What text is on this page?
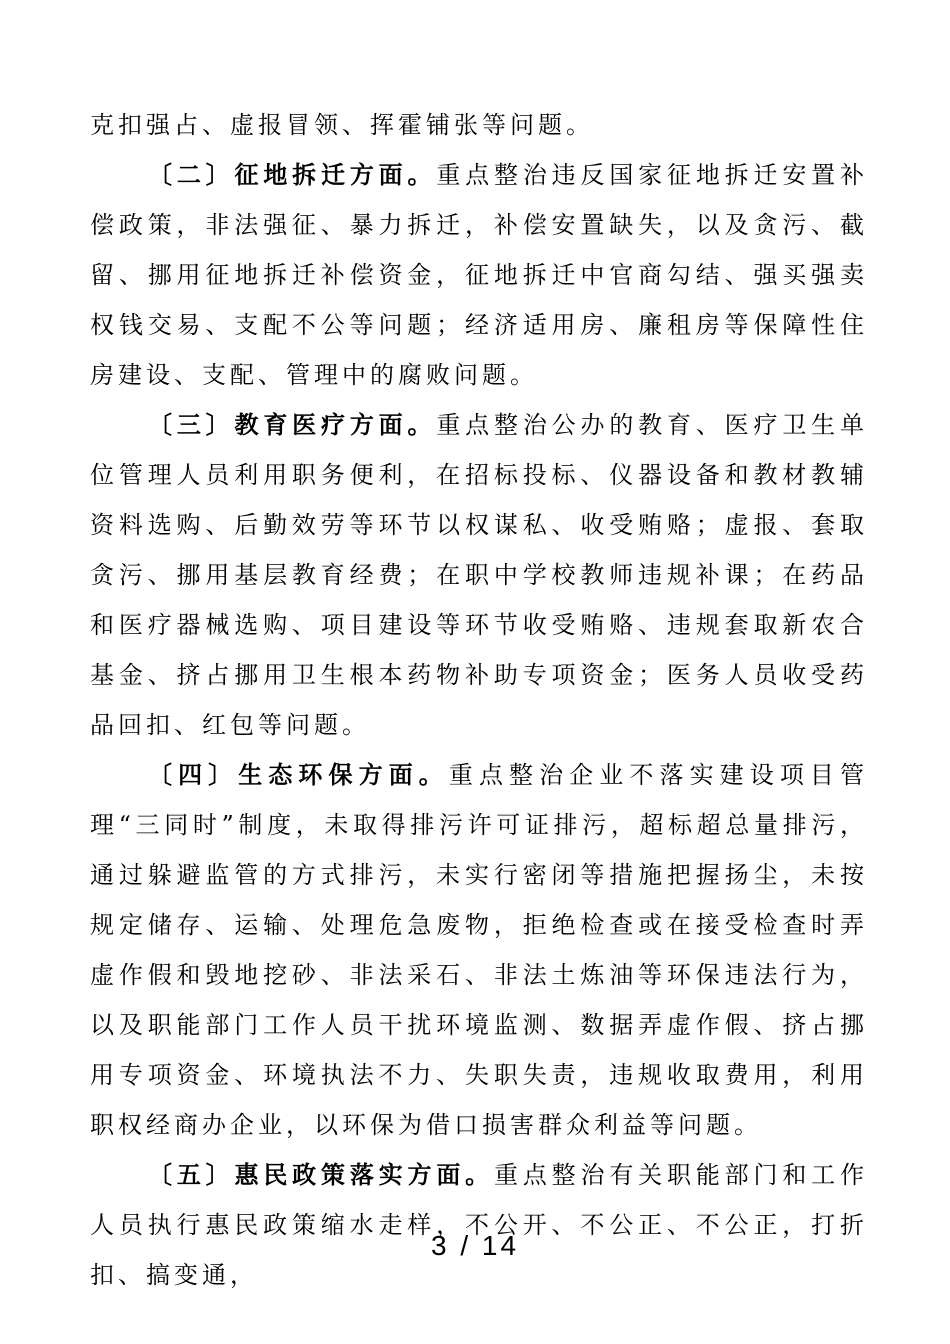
克扣强占、虚报冒领、挥霍铺张等问题。

〔二〕征地拆迁方面。重点整治违反国家征地拆迁安置补偿政策，非法强征、暴力拆迁，补偿安置缺失，以及贪污、截留、挪用征地拆迁补偿资金，征地拆迁中官商勾结、强买强卖权钱交易、支配不公等问题；经济适用房、廉租房等保障性住房建设、支配、管理中的腐败问题。

〔三〕教育医疗方面。重点整治公办的教育、医疗卫生单位管理人员利用职务便利，在招标投标、仪器设备和教材教辅资料选购、后勤效劳等环节以权谋私、收受贿赂；虚报、套取贪污、挪用基层教育经费；在职中学校教师违规补课；在药品和医疗器械选购、项目建设等环节收受贿赂、违规套取新农合基金、挤占挪用卫生根本药物补助专项资金；医务人员收受药品回扣、红包等问题。

〔四〕生态环保方面。重点整治企业不落实建设项目管理“三同时”制度，未取得排污许可证排污，超标超总量排污，通过躲避监管的方式排污，未实行密闭等措施把握扬尘，未按规定储存、运输、处理危急废物，拒绝检查或在接受检查时弄虚作假和毁地挖砂、非法采石、非法土炼油等环保违法行为，以及职能部门工作人员干扰环境监测、数据弄虚作假、挤占挪用专项资金、环境执法不力、失职失责，违规收取费用，利用职权经商办企业，以环保为借口损害群众利益等问题。

〔五〕惠民政策落实方面。重点整治有关职能部门和工作人员执行惠民政策缩水走样，不公开、不公正、不公正，打折扣、搞变通，

3 / 14
